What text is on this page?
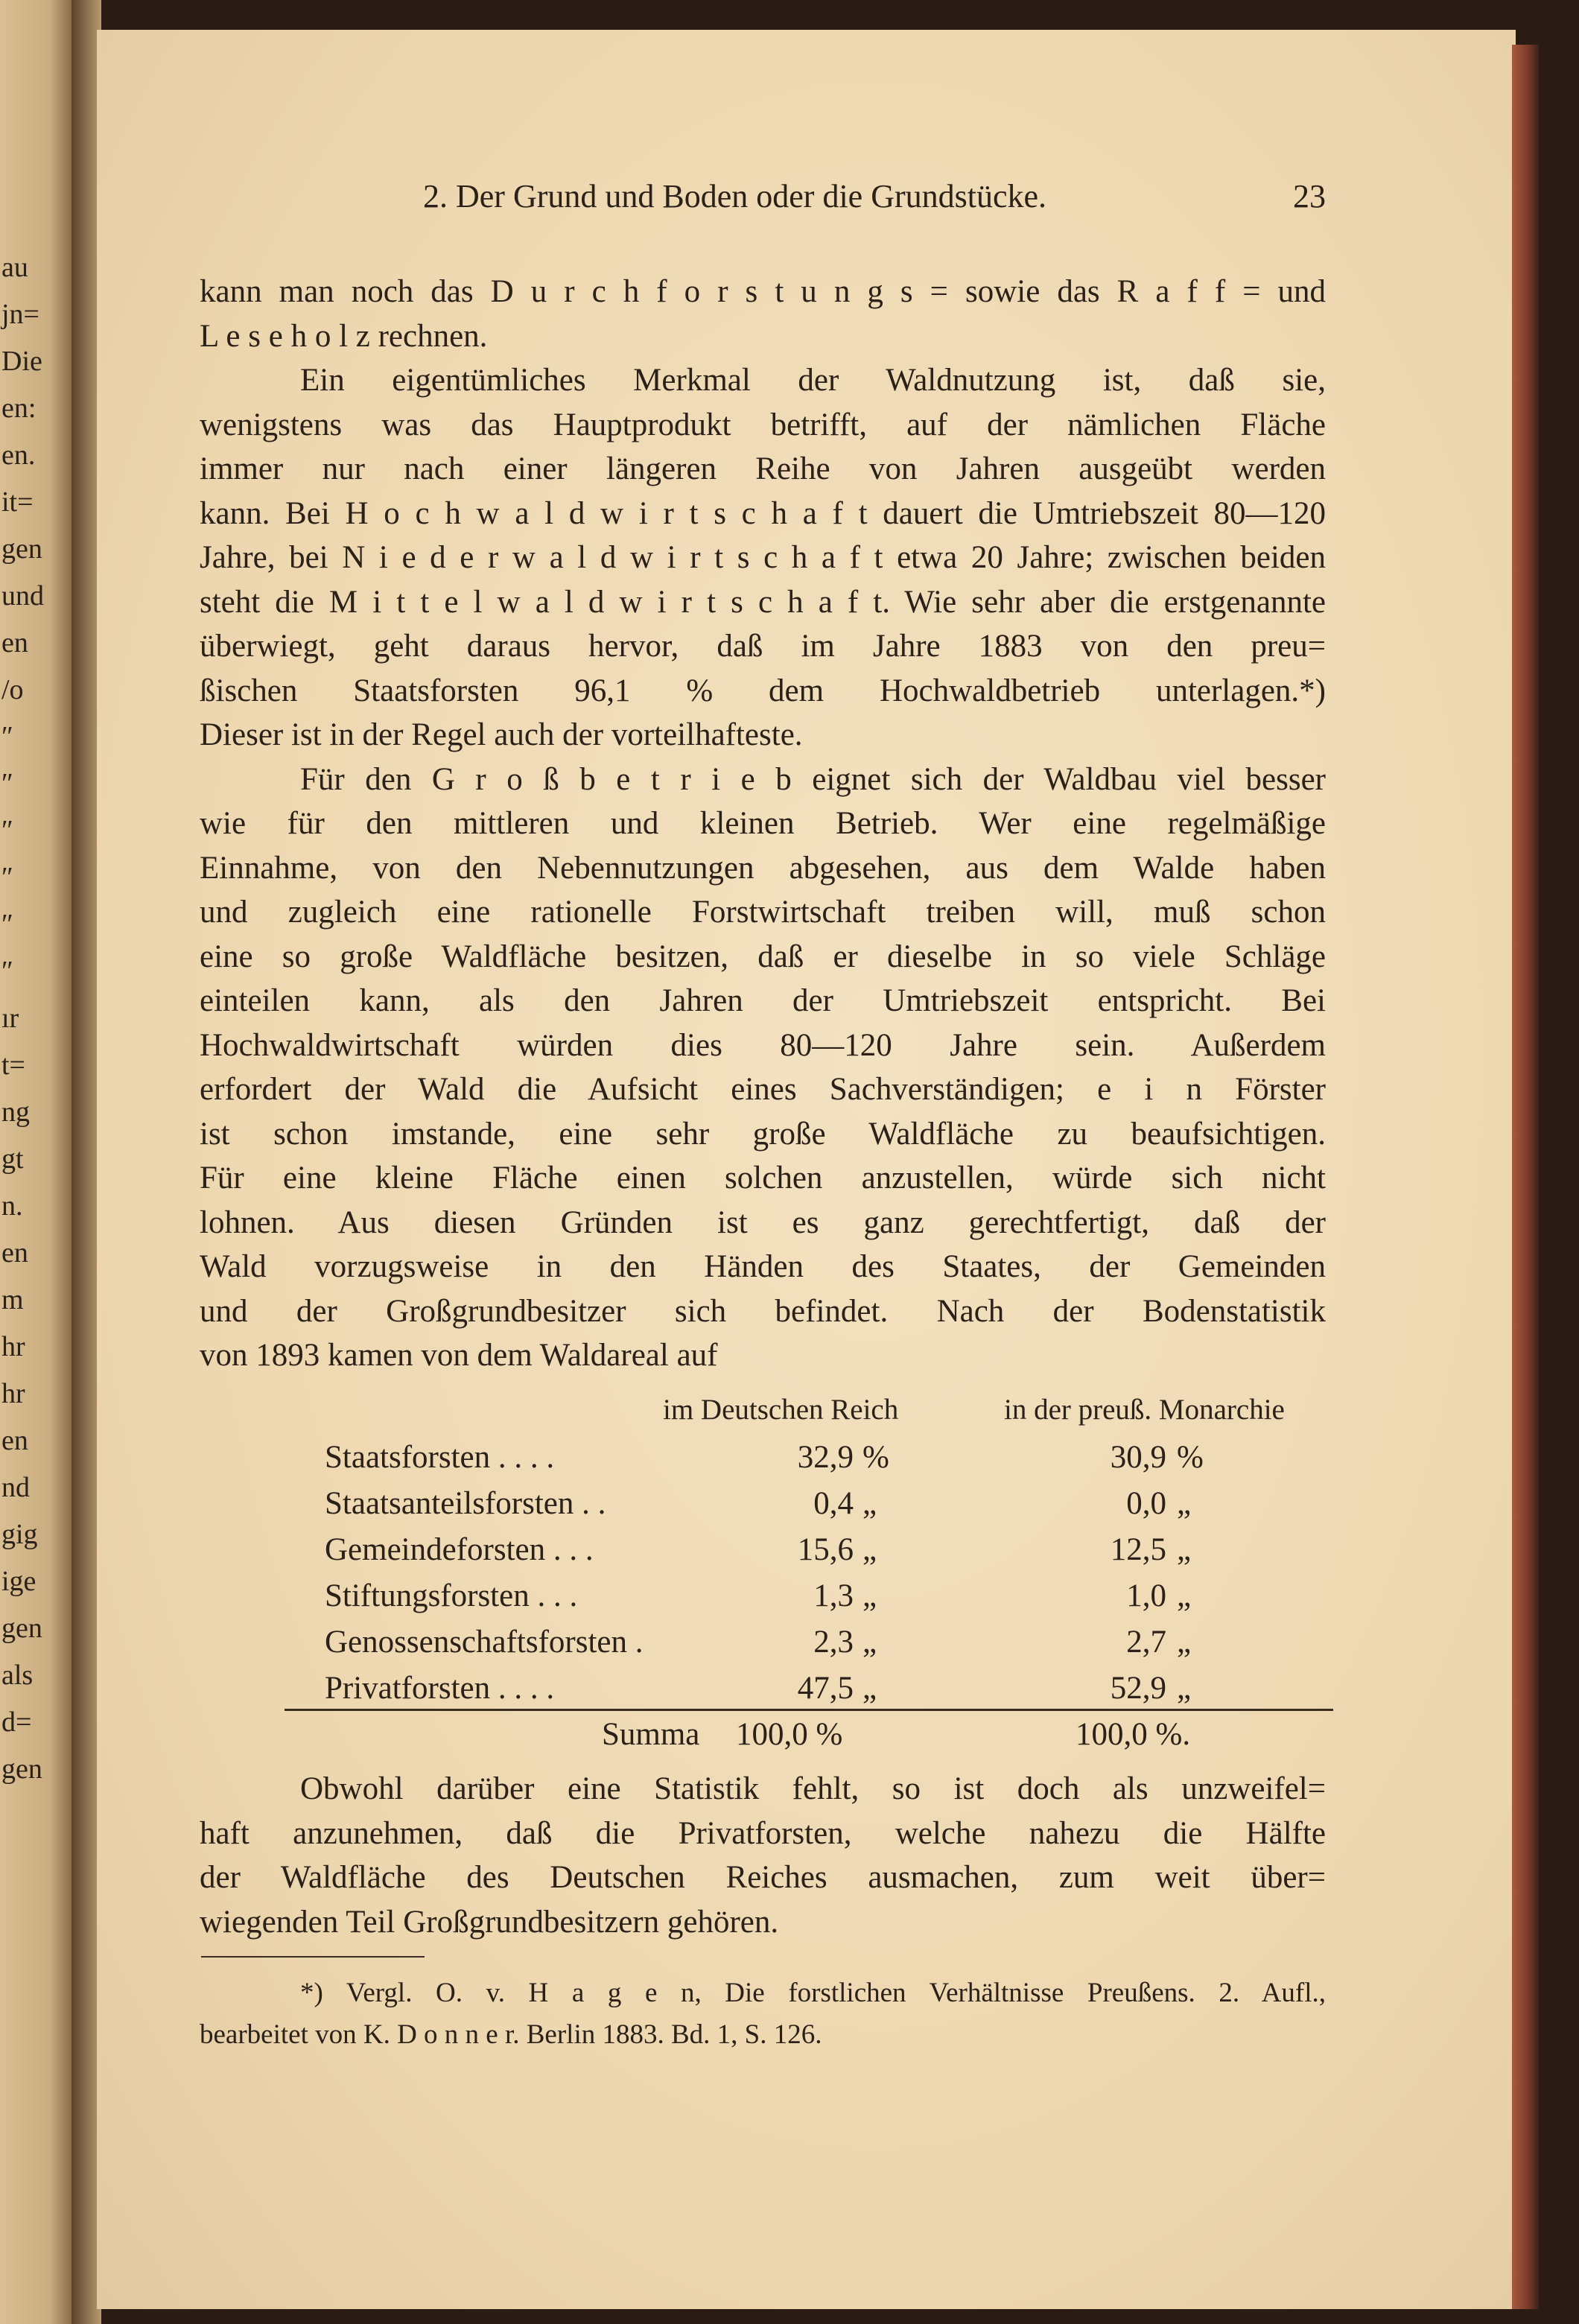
au
jn=
Die
en:
en.
it=
gen
und
en
/o
″
″
″
″
″
″
ır
t=
ng
gt
n.
en
m
hr
hr
en
nd
gig
ige
gen
als
d=
gen
2. Der Grund und Boden oder die Grundstücke.	23
kann man noch das D u r c h f o r s t u n g s = sowie das R a f f = und
L e s e h o l z rechnen.
Ein eigentümliches Merkmal der Waldnutzung ist, daß sie,
wenigstens was das Hauptprodukt betrifft, auf der nämlichen Fläche
immer nur nach einer längeren Reihe von Jahren ausgeübt werden
kann. Bei H o c h w a l d w i r t s c h a f t dauert die Umtriebszeit 80—120
Jahre, bei N i e d e r w a l d w i r t s c h a f t etwa 20 Jahre; zwischen beiden
steht die M i t t e l w a l d w i r t s c h a f t. Wie sehr aber die erstgenannte
überwiegt, geht daraus hervor, daß im Jahre 1883 von den preu=
ßischen Staatsforsten 96,1 % dem Hochwaldbetrieb unterlagen.*)
Dieser ist in der Regel auch der vorteilhafteste.
Für den G r o ß b e t r i e b eignet sich der Waldbau viel besser
wie für den mittleren und kleinen Betrieb. Wer eine regelmäßige
Einnahme, von den Nebennutzungen abgesehen, aus dem Walde haben
und zugleich eine rationelle Forstwirtschaft treiben will, muß schon
eine so große Waldfläche besitzen, daß er dieselbe in so viele Schläge
einteilen kann, als den Jahren der Umtriebszeit entspricht. Bei
Hochwaldwirtschaft würden dies 80—120 Jahre sein. Außerdem
erfordert der Wald die Aufsicht eines Sachverständigen; e i n Förster
ist schon imstande, eine sehr große Waldfläche zu beaufsichtigen.
Für eine kleine Fläche einen solchen anzustellen, würde sich nicht
lohnen. Aus diesen Gründen ist es ganz gerechtfertigt, daß der
Wald vorzugsweise in den Händen des Staates, der Gemeinden
und der Großgrundbesitzer sich befindet. Nach der Bodenstatistik
von 1893 kamen von dem Waldareal auf
im Deutschen Reich	in der preuß. Monarchie
Staatsforsten . . . .	32,9 %	30,9 %
Staatsanteilsforsten . .	0,4 „	0,0 „
Gemeindeforsten . . .	15,6 „	12,5 „
Stiftungsforsten . . .	1,3 „	1,0 „
Genossenschaftsforsten .	2,3 „	2,7 „
Privatforsten . . . .	47,5 „	52,9 „
Summa 100,0 %	100,0 %.
Obwohl darüber eine Statistik fehlt, so ist doch als unzweifel=
haft anzunehmen, daß die Privatforsten, welche nahezu die Hälfte
der Waldfläche des Deutschen Reiches ausmachen, zum weit über=
wiegenden Teil Großgrundbesitzern gehören.
*) Vergl. O. v. H a g e n, Die forstlichen Verhältnisse Preußens. 2. Aufl.,
bearbeitet von K. D o n n e r. Berlin 1883. Bd. 1, S. 126.
